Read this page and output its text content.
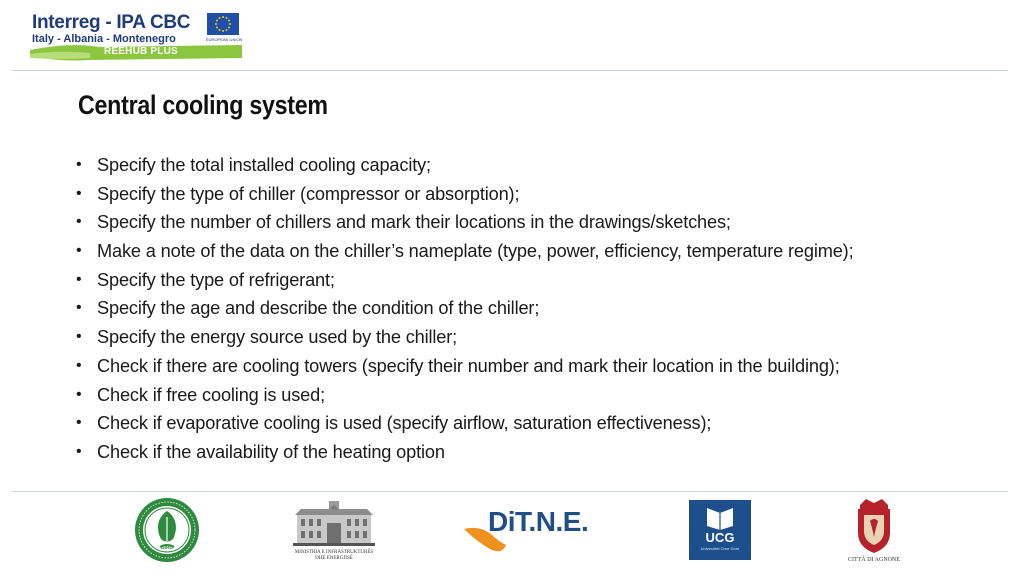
Interreg - IPA CBC
Italy - Albania - Montenegro	EUROPEAN UNION
REEHUB PLUS
Central cooling system
• Specify the total installed cooling capacity;
• Specify the type of chiller (compressor or absorption);
• Specify the number of chillers and mark their locations in the drawings/sketches;
• Make a note of the data on the chiller’s nameplate (type, power, efficiency, temperature regime);
• Specify the type of refrigerant;
• Specify the age and describe the condition of the chiller;
• Specify the energy source used by the chiller;
• Check if there are cooling towers (specify their number and mark their location in the building);
• Check if free cooling is used;
• Check if evaporative cooling is used (specify airflow, saturation effectiveness);
• Check if the availability of the heating option
BIRD
MINISTRIA E INFRASTRUKTURËS
DHE ENERGJISË
DiT.N.E.
UCG
Univerzitet Crne Gore
CITTÀ DI AGNONE
